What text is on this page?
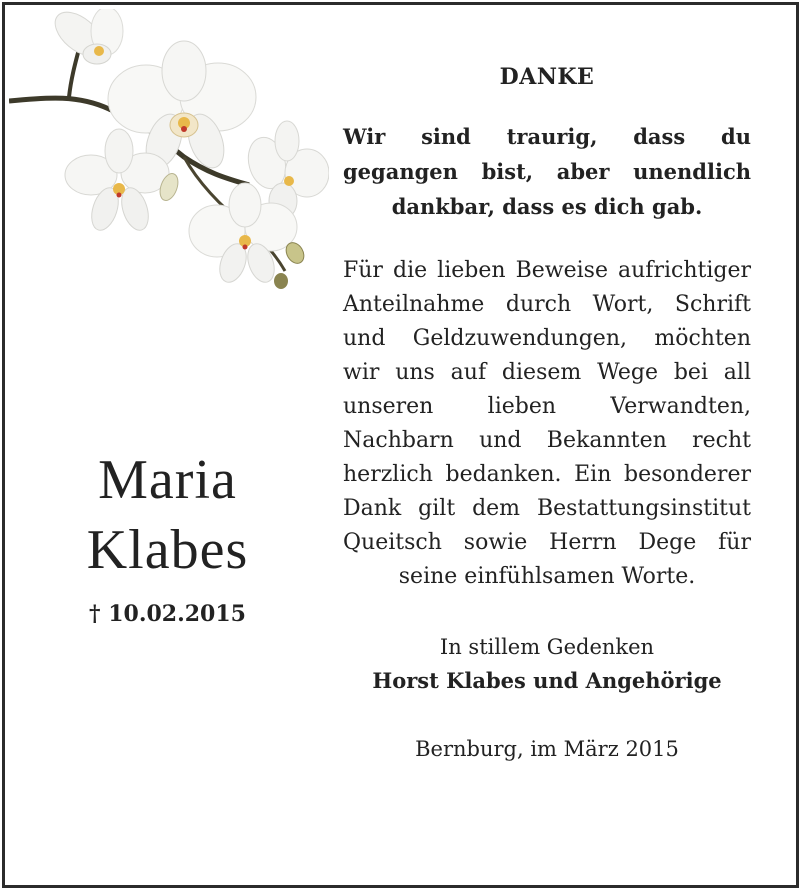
Maria
Klabes
† 10.02.2015
DANKE
Wir sind traurig, dass du gegangen bist, aber unendlich dankbar, dass es dich gab.
Für die lieben Beweise aufrichtiger Anteilnahme durch Wort, Schrift und Geldzuwendungen, möchten wir uns auf diesem Wege bei all unseren lieben Verwandten, Nachbarn und Bekannten recht herzlich bedanken. Ein besonderer Dank gilt dem Bestattungsinstitut Queitsch sowie Herrn Dege für seine einfühlsamen Worte.
In stillem Gedenken
Horst Klabes und Angehörige
Bernburg, im März 2015
